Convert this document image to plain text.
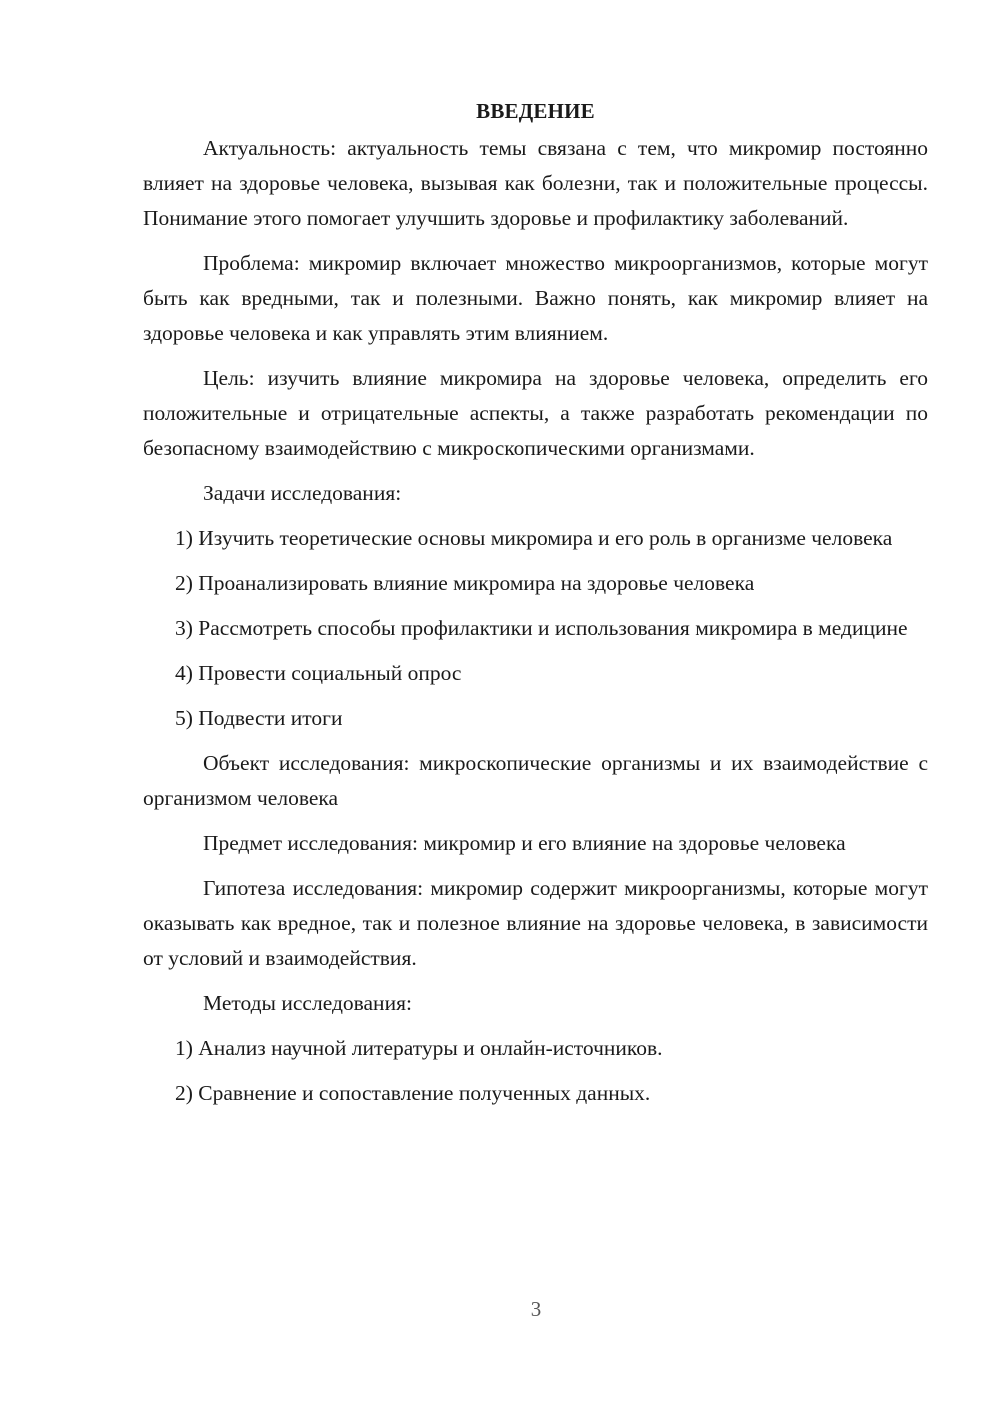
ВВЕДЕНИЕ

Актуальность: актуальность темы связана с тем, что микромир постоянно влияет на здоровье человека, вызывая как болезни, так и положительные процессы. Понимание этого помогает улучшить здоровье и профилактику заболеваний.

Проблема: микромир включает множество микроорганизмов, которые могут быть как вредными, так и полезными. Важно понять, как микромир влияет на здоровье человека и как управлять этим влиянием.

Цель: изучить влияние микромира на здоровье человека, определить его положительные и отрицательные аспекты, а также разработать рекомендации по безопасному взаимодействию с микроскопическими организмами.

Задачи исследования:

1) Изучить теоретические основы микромира и его роль в организме человека

2) Проанализировать влияние микромира на здоровье человека

3) Рассмотреть способы профилактики и использования микромира в медицине

4) Провести социальный опрос

5) Подвести итоги

Объект исследования: микроскопические организмы и их взаимодействие с организмом человека

Предмет исследования: микромир и его влияние на здоровье человека

Гипотеза исследования: микромир содержит микроорганизмы, которые могут оказывать как вредное, так и полезное влияние на здоровье человека, в зависимости от условий и взаимодействия.

Методы исследования:

1) Анализ научной литературы и онлайн-источников.

2) Сравнение и сопоставление полученных данных.

3
